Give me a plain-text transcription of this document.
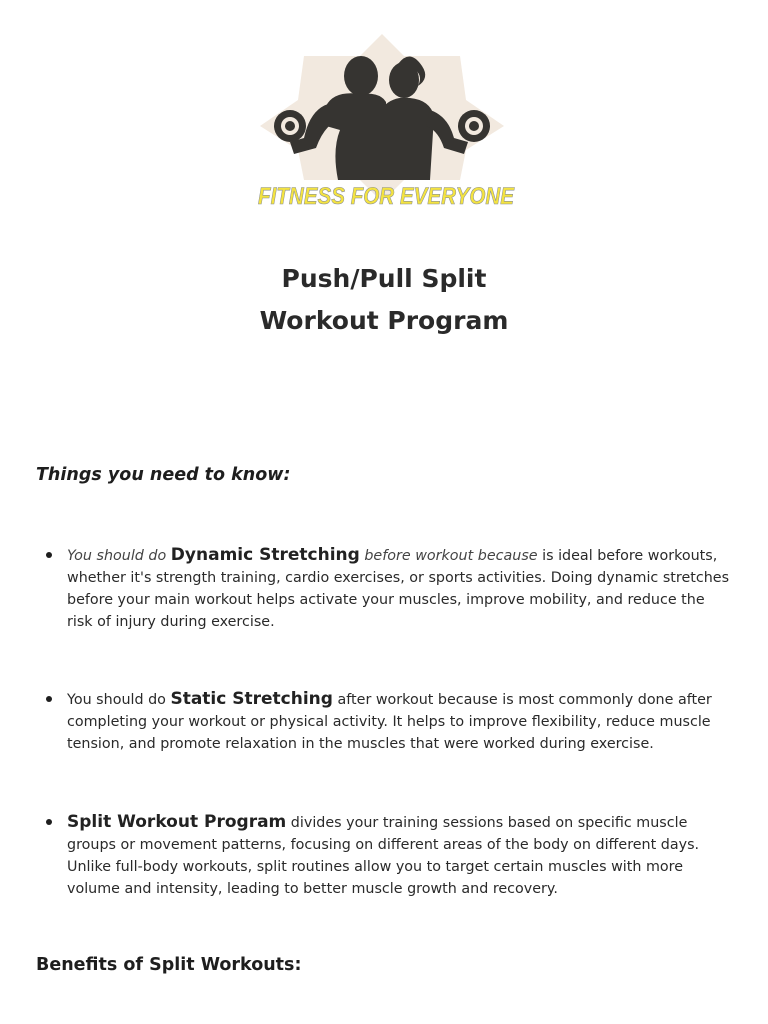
FITNESS FOR EVERYONE
Push/Pull Split
Workout Program
Things you need to know:
You should do Dynamic Stretching before workout because is ideal before workouts, whether it's strength training, cardio exercises, or sports activities. Doing dynamic stretches before your main workout helps activate your muscles, improve mobility, and reduce the risk of injury during exercise.
You should do Static Stretching after workout because is most commonly done after completing your workout or physical activity. It helps to improve flexibility, reduce muscle tension, and promote relaxation in the muscles that were worked during exercise.
Split Workout Program divides your training sessions based on specific muscle groups or movement patterns, focusing on different areas of the body on different days. Unlike full-body workouts, split routines allow you to target certain muscles with more volume and intensity, leading to better muscle growth and recovery.
Benefits of Split Workouts:
